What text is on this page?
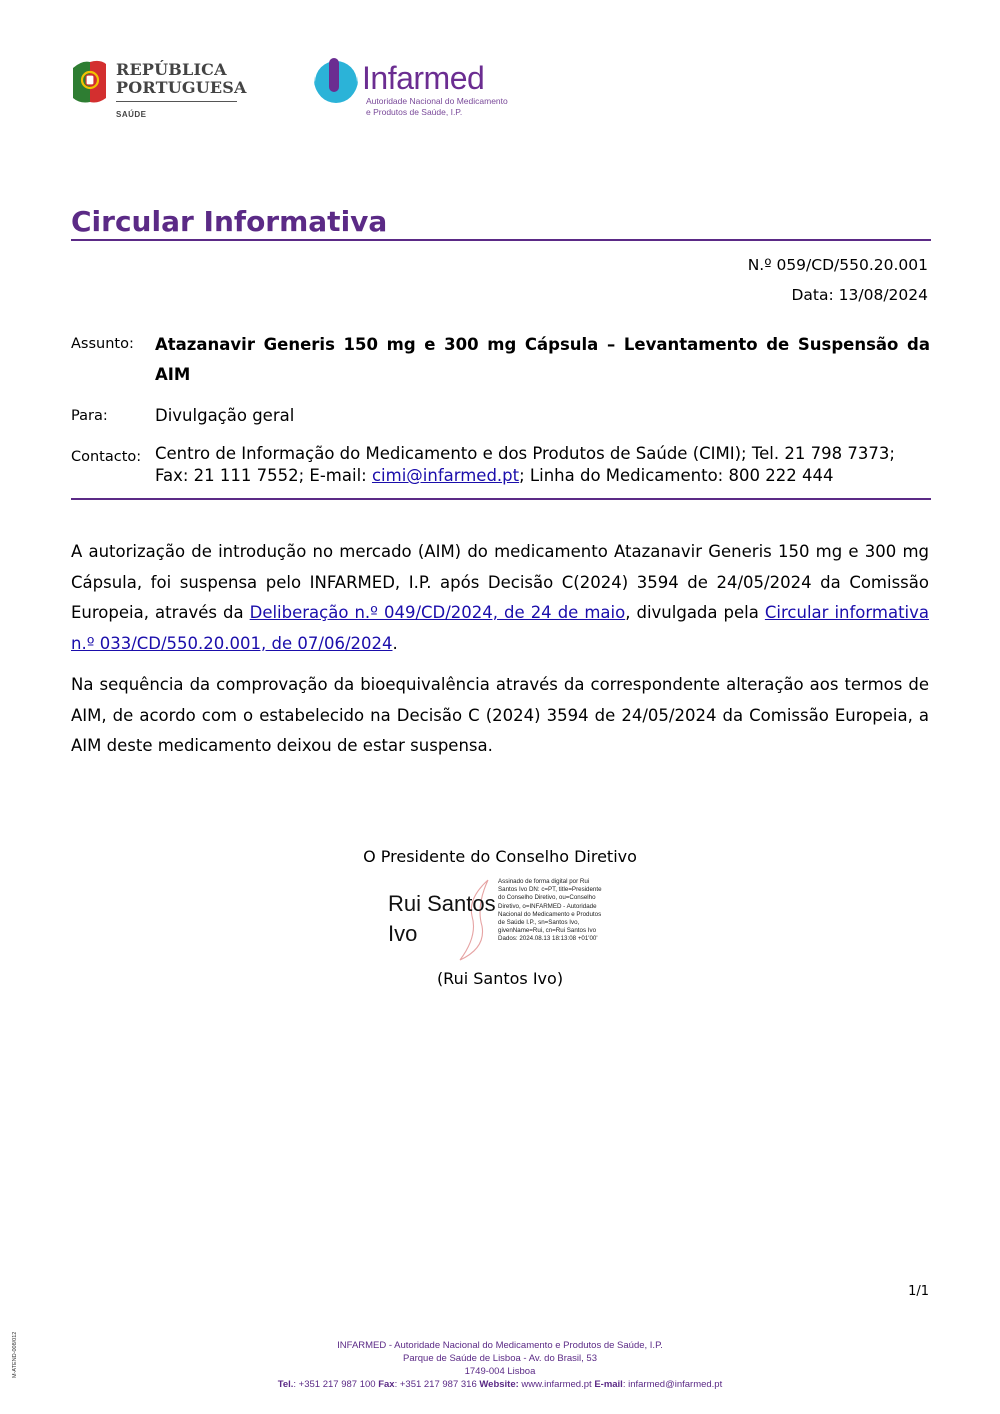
REPÚBLICA
PORTUGUESA
SAÚDE
Infarmed
Autoridade Nacional do Medicamento
e Produtos de Saúde, I.P.
Circular Informativa
N.º 059/CD/550.20.001
Data: 13/08/2024
Assunto: Atazanavir Generis 150 mg e 300 mg Cápsula – Levantamento de Suspensão da AIM
Para:	Divulgação geral
Contacto: Centro de Informação do Medicamento e dos Produtos de Saúde (CIMI); Tel. 21 798 7373; Fax: 21 111 7552; E-mail: cimi@infarmed.pt; Linha do Medicamento: 800 222 444
A autorização de introdução no mercado (AIM) do medicamento Atazanavir Generis 150 mg e 300 mg Cápsula, foi suspensa pelo INFARMED, I.P. após Decisão C(2024) 3594 de 24/05/2024 da Comissão Europeia, através da Deliberação n.º 049/CD/2024, de 24 de maio, divulgada pela Circular informativa n.º 033/CD/550.20.001, de 07/06/2024.
Na sequência da comprovação da bioequivalência através da correspondente alteração aos termos de AIM, de acordo com o estabelecido na Decisão C (2024) 3594 de 24/05/2024 da Comissão Europeia, a AIM deste medicamento deixou de estar suspensa.
O Presidente do Conselho Diretivo
Rui Santos
Ivo
Assinado de forma digital por Rui Santos Ivo DN: c=PT, title=Presidente do Conselho Diretivo, ou=Conselho Diretivo, o=INFARMED - Autoridade Nacional do Medicamento e Produtos de Saúde I.P., sn=Santos Ivo, givenName=Rui, cn=Rui Santos Ivo Dados: 2024.08.13 18:13:08 +01'00'
(Rui Santos Ivo)
1/1
M-ATEND-008/012	INFARMED - Autoridade Nacional do Medicamento e Produtos de Saúde, I.P.
Parque de Saúde de Lisboa - Av. do Brasil, 53
1749-004 Lisboa
Tel.: +351 217 987 100 Fax: +351 217 987 316 Website: www.infarmed.pt E-mail: infarmed@infarmed.pt
